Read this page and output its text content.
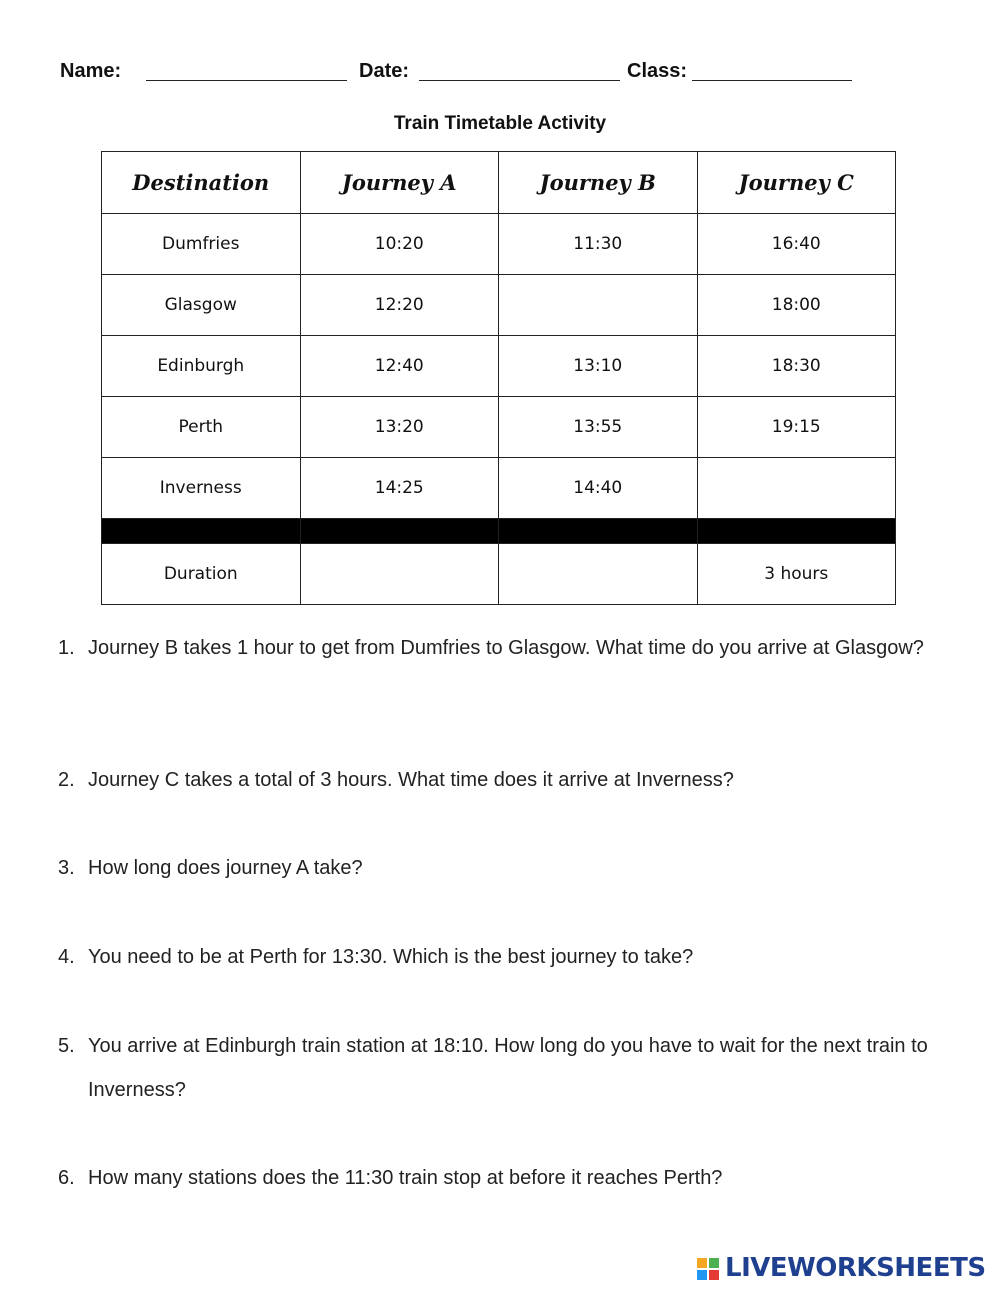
Name:	Date:	Class:
Train Timetable Activity
Destination	Journey A	Journey B	Journey C
Dumfries	10:20	11:30	16:40
Glasgow	12:20		18:00
Edinburgh	12:40	13:10	18:30
Perth	13:20	13:55	19:15
Inverness	14:25	14:40	

Duration			3 hours
1. Journey B takes 1 hour to get from Dumfries to Glasgow. What time do you arrive at Glasgow?
2. Journey C takes a total of 3 hours. What time does it arrive at Inverness?
3. How long does journey A take?
4. You need to be at Perth for 13:30. Which is the best journey to take?
5. You arrive at Edinburgh train station at 18:10. How long do you have to wait for the next train to Inverness?
6. How many stations does the 11:30 train stop at before it reaches Perth?
LIVEWORKSHEETS
